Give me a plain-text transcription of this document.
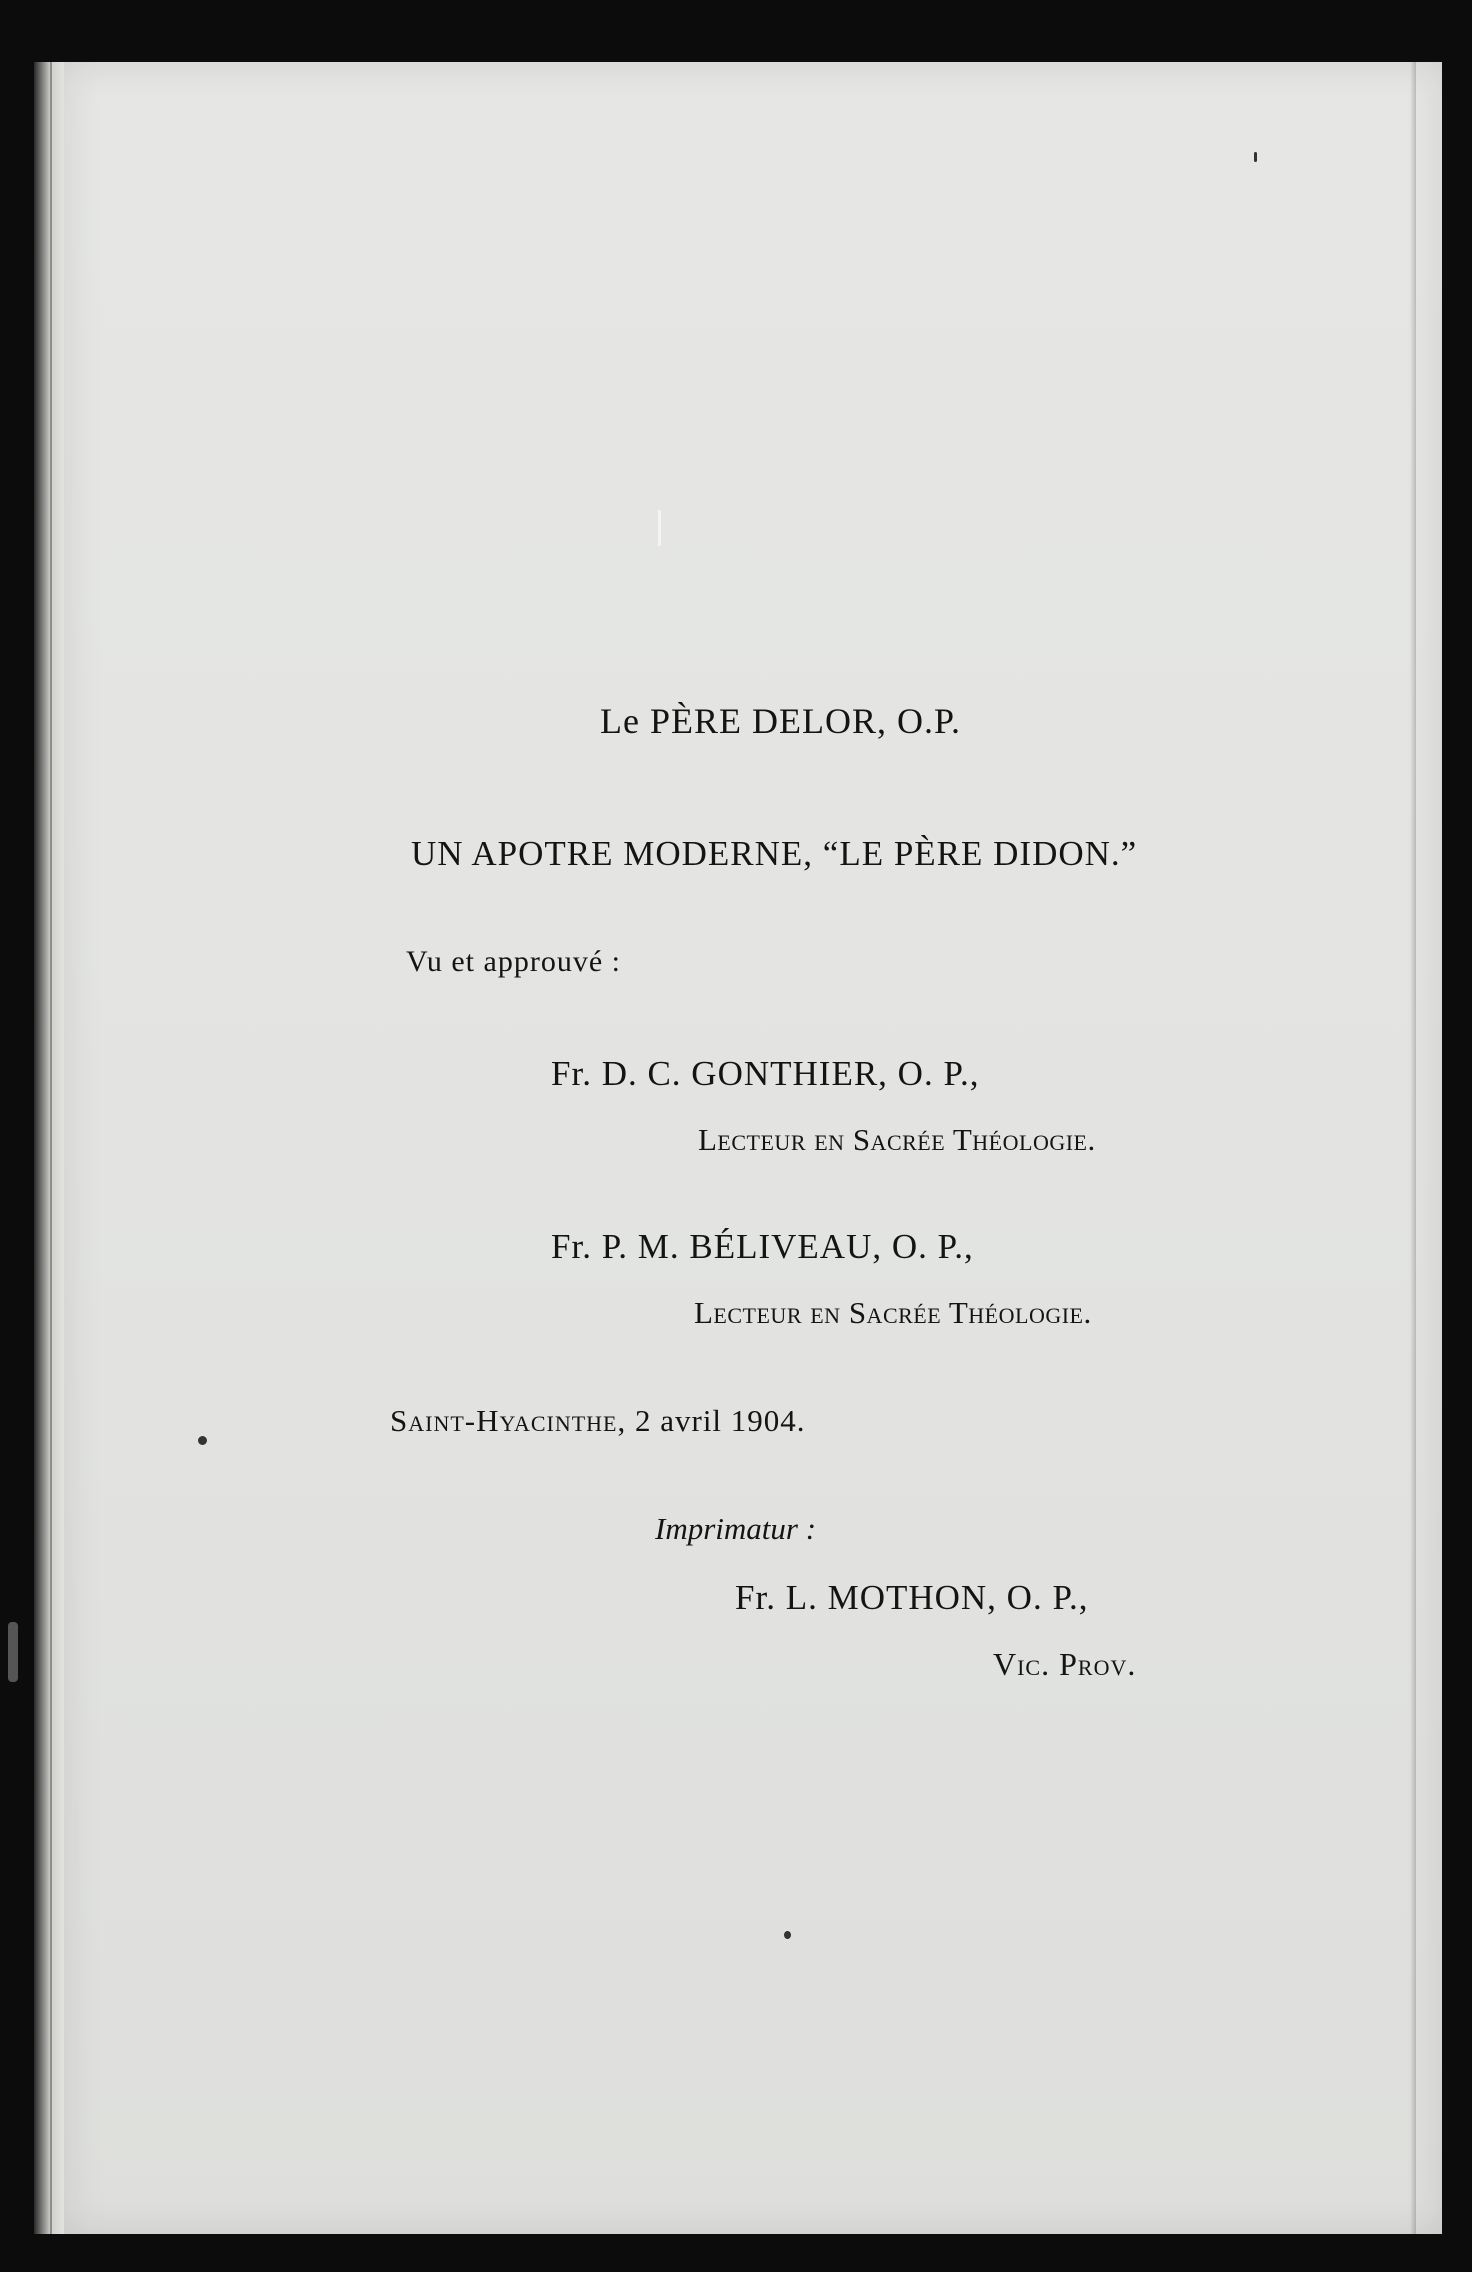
Le PÈRE DELOR, O.P.
UN APOTRE MODERNE, “LE PÈRE DIDON.”
Vu et approuvé :
Fr. D. C. GONTHIER, O. P.,
Lecteur en Sacrée Théologie.
Fr. P. M. BÉLIVEAU, O. P.,
Lecteur en Sacrée Théologie.
Saint-Hyacinthe, 2 avril 1904.
Imprimatur :
Fr. L. MOTHON, O. P.,
Vic. Prov.
